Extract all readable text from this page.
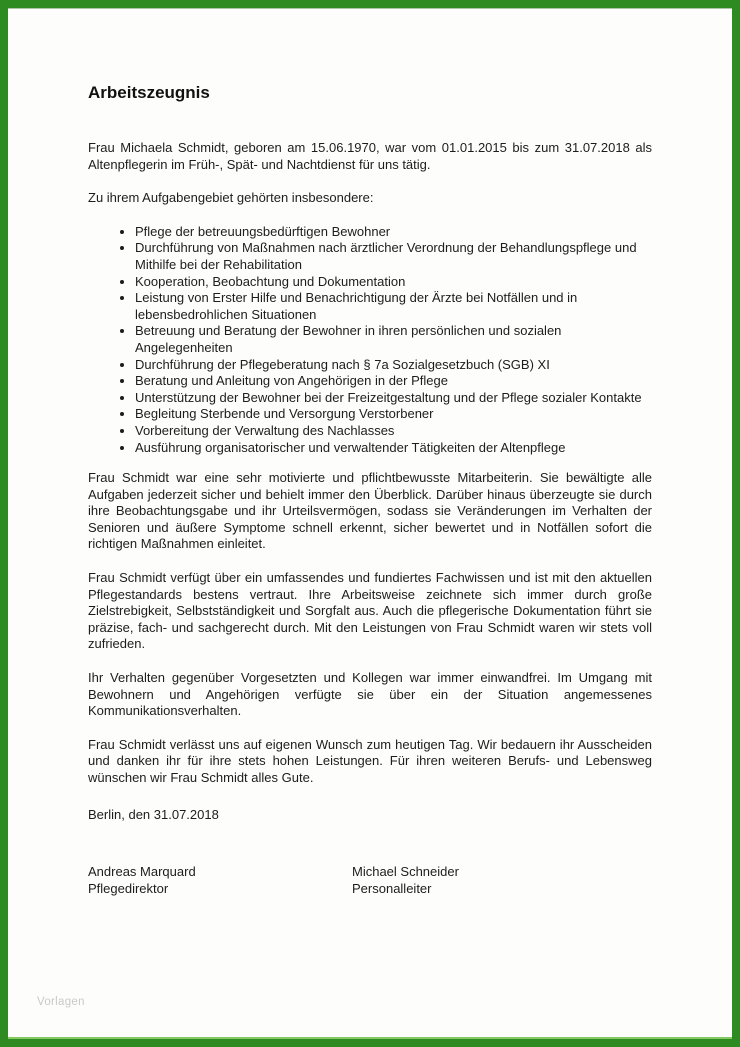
Arbeitszeugnis

Frau Michaela Schmidt, geboren am 15.06.1970, war vom 01.01.2015 bis zum 31.07.2018 als Altenpflegerin im Früh-, Spät- und Nachtdienst für uns tätig.

Zu ihrem Aufgabengebiet gehörten insbesondere:

• Pflege der betreuungsbedürftigen Bewohner
• Durchführung von Maßnahmen nach ärztlicher Verordnung der Behandlungspflege und Mithilfe bei der Rehabilitation
• Kooperation, Beobachtung und Dokumentation
• Leistung von Erster Hilfe und Benachrichtigung der Ärzte bei Notfällen und in lebensbedrohlichen Situationen
• Betreuung und Beratung der Bewohner in ihren persönlichen und sozialen Angelegenheiten
• Durchführung der Pflegeberatung nach § 7a Sozialgesetzbuch (SGB) XI
• Beratung und Anleitung von Angehörigen in der Pflege
• Unterstützung der Bewohner bei der Freizeitgestaltung und der Pflege sozialer Kontakte
• Begleitung Sterbende und Versorgung Verstorbener
• Vorbereitung der Verwaltung des Nachlasses
• Ausführung organisatorischer und verwaltender Tätigkeiten der Altenpflege

Frau Schmidt war eine sehr motivierte und pflichtbewusste Mitarbeiterin. Sie bewältigte alle Aufgaben jederzeit sicher und behielt immer den Überblick. Darüber hinaus überzeugte sie durch ihre Beobachtungsgabe und ihr Urteilsvermögen, sodass sie Veränderungen im Verhalten der Senioren und äußere Symptome schnell erkennt, sicher bewertet und in Notfällen sofort die richtigen Maßnahmen einleitet.

Frau Schmidt verfügt über ein umfassendes und fundiertes Fachwissen und ist mit den aktuellen Pflegestandards bestens vertraut. Ihre Arbeitsweise zeichnete sich immer durch große Zielstrebigkeit, Selbstständigkeit und Sorgfalt aus. Auch die pflegerische Dokumentation führt sie präzise, fach- und sachgerecht durch. Mit den Leistungen von Frau Schmidt waren wir stets voll zufrieden.

Ihr Verhalten gegenüber Vorgesetzten und Kollegen war immer einwandfrei. Im Umgang mit Bewohnern und Angehörigen verfügte sie über ein der Situation angemessenes Kommunikationsverhalten.

Frau Schmidt verlässt uns auf eigenen Wunsch zum heutigen Tag. Wir bedauern ihr Ausscheiden und danken ihr für ihre stets hohen Leistungen. Für ihren weiteren Berufs- und Lebensweg wünschen wir Frau Schmidt alles Gute.

Berlin, den 31.07.2018

Andreas Marquard
Pflegedirektor
Michael Schneider
Personalleiter
Vorlagen
